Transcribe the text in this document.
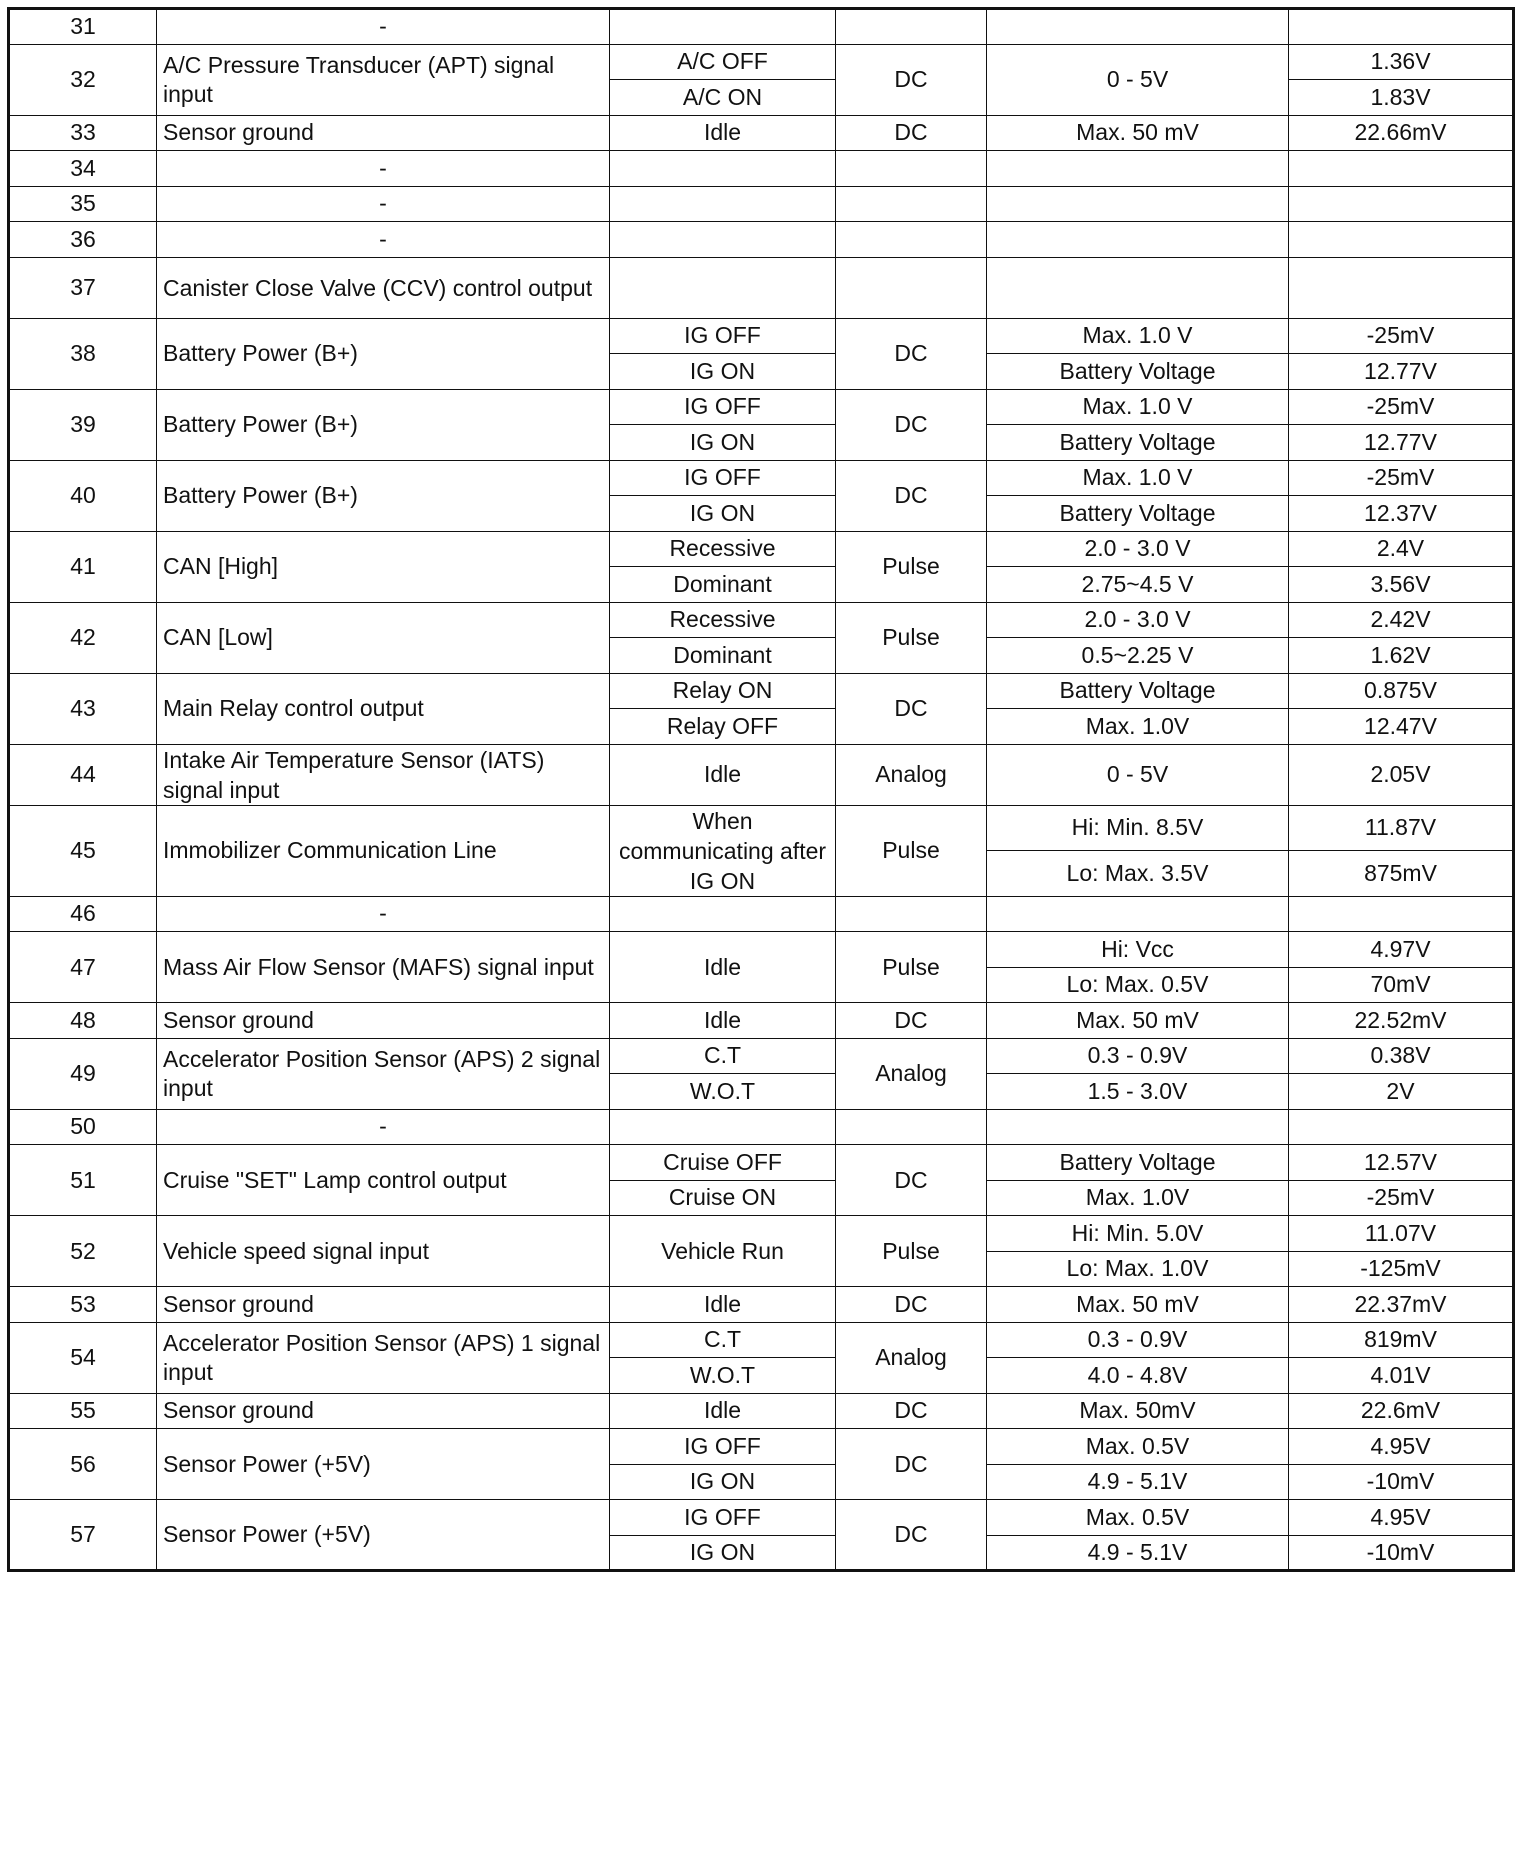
31	-				
32	A/C Pressure Transducer (APT) signal input	A/C OFF	DC	0 - 5V	1.36V
		A/C ON			1.83V
33	Sensor ground	Idle	DC	Max. 50 mV	22.66mV
34	-				
35	-				
36	-				
37	Canister Close Valve (CCV) control output				
38	Battery Power (B+)	IG OFF	DC	Max. 1.0 V	-25mV
		IG ON		Battery Voltage	12.77V
39	Battery Power (B+)	IG OFF	DC	Max. 1.0 V	-25mV
		IG ON		Battery Voltage	12.77V
40	Battery Power (B+)	IG OFF	DC	Max. 1.0 V	-25mV
		IG ON		Battery Voltage	12.37V
41	CAN [High]	Recessive	Pulse	2.0 - 3.0 V	2.4V
		Dominant		2.75~4.5 V	3.56V
42	CAN [Low]	Recessive	Pulse	2.0 - 3.0 V	2.42V
		Dominant		0.5~2.25 V	1.62V
43	Main Relay control output	Relay ON	DC	Battery Voltage	0.875V
		Relay OFF		Max. 1.0V	12.47V
44	Intake Air Temperature Sensor (IATS) signal input	Idle	Analog	0 - 5V	2.05V
45	Immobilizer Communication Line	When communicating after IG ON	Pulse	Hi: Min. 8.5V	11.87V
				Lo: Max. 3.5V	875mV
46	-				
47	Mass Air Flow Sensor (MAFS) signal input	Idle	Pulse	Hi: Vcc	4.97V
				Lo: Max. 0.5V	70mV
48	Sensor ground	Idle	DC	Max. 50 mV	22.52mV
49	Accelerator Position Sensor (APS) 2 signal input	C.T	Analog	0.3 - 0.9V	0.38V
		W.O.T		1.5 - 3.0V	2V
50	-				
51	Cruise "SET" Lamp control output	Cruise OFF	DC	Battery Voltage	12.57V
		Cruise ON		Max. 1.0V	-25mV
52	Vehicle speed signal input	Vehicle Run	Pulse	Hi: Min. 5.0V	11.07V
				Lo: Max. 1.0V	-125mV
53	Sensor ground	Idle	DC	Max. 50 mV	22.37mV
54	Accelerator Position Sensor (APS) 1 signal input	C.T	Analog	0.3 - 0.9V	819mV
		W.O.T		4.0 - 4.8V	4.01V
55	Sensor ground	Idle	DC	Max. 50mV	22.6mV
56	Sensor Power (+5V)	IG OFF	DC	Max. 0.5V	4.95V
		IG ON		4.9 - 5.1V	-10mV
57	Sensor Power (+5V)	IG OFF	DC	Max. 0.5V	4.95V
		IG ON		4.9 - 5.1V	-10mV
